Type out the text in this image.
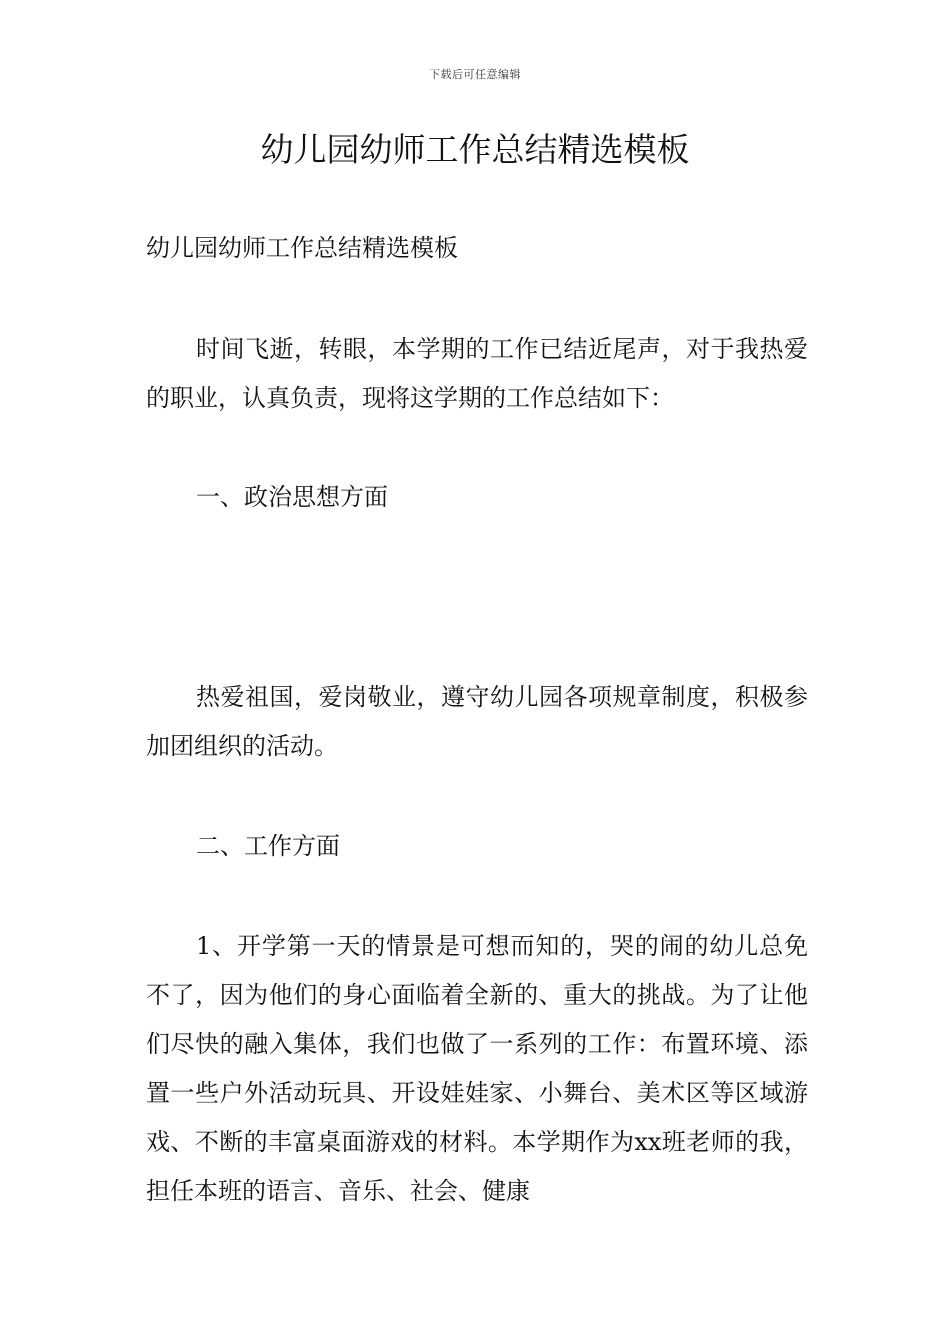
下载后可任意编辑
幼儿园幼师工作总结精选模板

幼儿园幼师工作总结精选模板

时间飞逝，转眼，本学期的工作已结近尾声，对于我热爱的职业，认真负责，现将这学期的工作总结如下：

一、政治思想方面

热爱祖国，爱岗敬业，遵守幼儿园各项规章制度，积极参加团组织的活动。

二、工作方面

1、开学第一天的情景是可想而知的，哭的闹的幼儿总免不了，因为他们的身心面临着全新的、重大的挑战。为了让他们尽快的融入集体，我们也做了一系列的工作：布置环境、添置一些户外活动玩具、开设娃娃家、小舞台、美术区等区域游戏、不断的丰富桌面游戏的材料。本学期作为xx班老师的我，担任本班的语言、音乐、社会、健康
